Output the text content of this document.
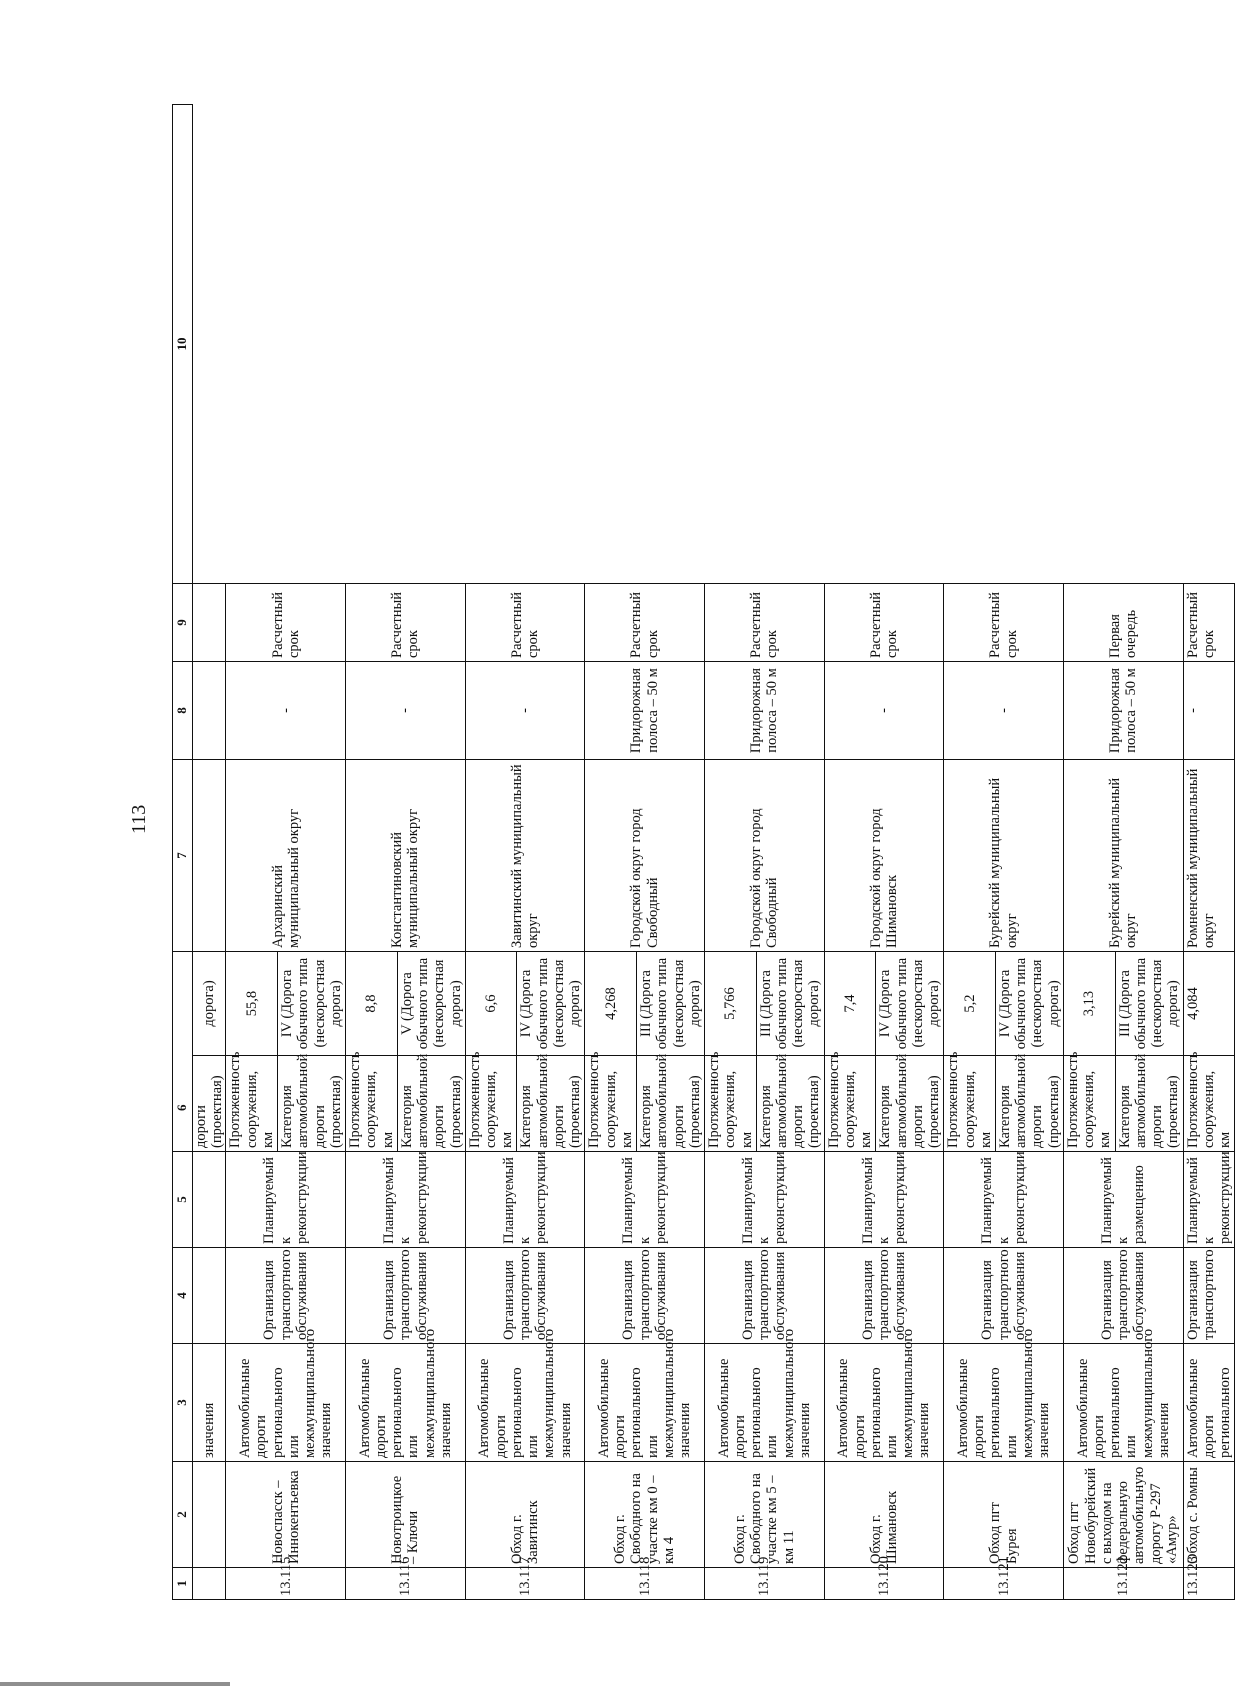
113
1	2	3	4	5	6		7	8	9	10
		значения			дороги (проектная)	дорога)				
13.115	Новоспасск – Иннокентьевка	Автомобильные дороги регионального или межмуниципального значения	Организация транспортного обслуживания	Планируемый к реконструкции	Протяженность сооружения, км	55,8	Архаринский муниципальный округ	-	Расчетный срок	
					Категория автомобильной дороги (проектная)	IV (Дорога обычного типа (нескоростная дорога)				
13.116	Новотроицкое – Ключи	Автомобильные дороги регионального или межмуниципального значения	Организация транспортного обслуживания	Планируемый к реконструкции	Протяженность сооружения, км	8,8	Константиновский муниципальный округ	-	Расчетный срок	
					Категория автомобильной дороги (проектная)	V (Дорога обычного типа (нескоростная дорога)				
13.117	Обход г. Завитинск	Автомобильные дороги регионального или межмуниципального значения	Организация транспортного обслуживания	Планируемый к реконструкции	Протяженность сооружения, км	6,6	Завитинский муниципальный округ	-	Расчетный срок	
					Категория автомобильной дороги (проектная)	IV (Дорога обычного типа (нескоростная дорога)				
13.118	Обход г. Свободного на участке км 0 – км 4	Автомобильные дороги регионального или межмуниципального значения	Организация транспортного обслуживания	Планируемый к реконструкции	Протяженность сооружения, км	4,268	Городской округ город Свободный	Придорожная полоса – 50 м	Расчетный срок	
					Категория автомобильной дороги (проектная)	III (Дорога обычного типа (нескоростная дорога)				
13.119	Обход г. Свободного на участке км 5 – км 11	Автомобильные дороги регионального или межмуниципального значения	Организация транспортного обслуживания	Планируемый к реконструкции	Протяженность сооружения, км	5,766	Городской округ город Свободный	Придорожная полоса – 50 м	Расчетный срок	
					Категория автомобильной дороги (проектная)	III (Дорога обычного типа (нескоростная дорога)				
13.120	Обход г. Шимановск	Автомобильные дороги регионального или межмуниципального значения	Организация транспортного обслуживания	Планируемый к реконструкции	Протяженность сооружения, км	7,4	Городской округ город Шимановск	-	Расчетный срок	
					Категория автомобильной дороги (проектная)	IV (Дорога обычного типа (нескоростная дорога)				
13.121	Обход пгт Бурея	Автомобильные дороги регионального или межмуниципального значения	Организация транспортного обслуживания	Планируемый к реконструкции	Протяженность сооружения, км	5,2	Бурейский муниципальный округ	-	Расчетный срок	
					Категория автомобильной дороги (проектная)	IV (Дорога обычного типа (нескоростная дорога)				
13.122	Обход пгт Новобурейский с выходом на федеральную автомобильную дорогу Р-297 «Амур»	Автомобильные дороги регионального или межмуниципального значения	Организация транспортного обслуживания	Планируемый к размещению	Протяженность сооружения, км	3,13	Бурейский муниципальный округ	Придорожная полоса – 50 м	Первая очередь	
					Категория автомобильной дороги (проектная)	III (Дорога обычного типа (нескоростная дорога)				
13.123	Обход с. Ромны	Автомобильные дороги регионального	Организация транспортного	Планируемый к реконструкции	Протяженность сооружения, км	4,084	Ромненский муниципальный округ	-	Расчетный срок	
